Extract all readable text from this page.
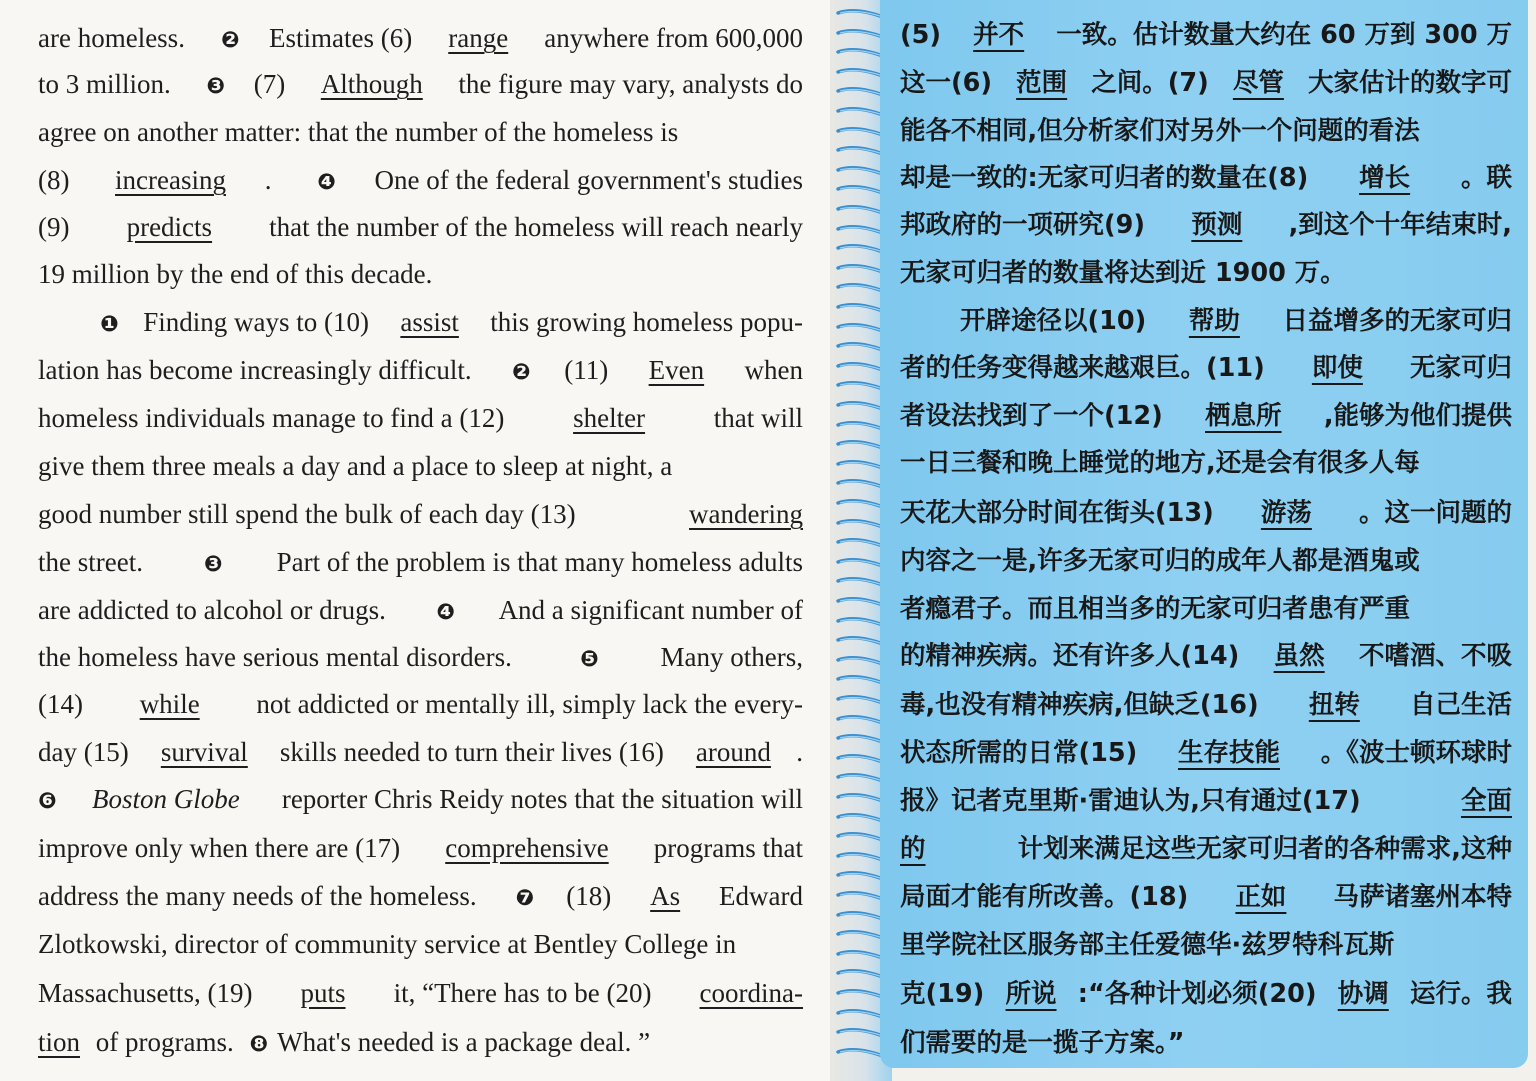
are homeless. ❷ Estimates (6) range anywhere from 600,000
to 3 million. ❸ (7) Although the figure may vary, analysts do
agree on another matter: that the number of the homeless is
(8) increasing . ❹ One of the federal government's studies
(9) predicts that the number of the homeless will reach nearly
19 million by the end of this decade.
❶ Finding ways to (10) assist this growing homeless popu-
lation has become increasingly difficult. ❷ (11) Even when
homeless individuals manage to find a (12) shelter that will
give them three meals a day and a place to sleep at night, a
good number still spend the bulk of each day (13)	wandering
the street. ❸ Part of the problem is that many homeless adults
are addicted to alcohol or drugs. ❹ And a significant number of
the homeless have serious mental disorders.	❺ Many others,
(14) while not addicted or mentally ill, simply lack the every-
day (15) survival skills needed to turn their lives (16) around .
❻ Boston Globe reporter Chris Reidy notes that the situation will
improve only when there are (17) comprehensive programs that
address the many needs of the homeless. ❼ (18) As Edward
Zlotkowski, director of community service at Bentley College in
Massachusetts, (19) puts it, “There has to be (20) coordina-
tion of programs. ❽ What's needed is a package deal. ”
(5) 并不 一致。估计数量大约在 60 万到 300 万
这一(6) 范围 之间。(7) 尽管 大家估计的数字可
能各不相同,但分析家们对另外一个问题的看法
却是一致的:无家可归者的数量在(8) 增长 。联
邦政府的一项研究(9) 预测 ,到这个十年结束时,
无家可归者的数量将达到近 1900 万。
开辟途径以(10) 帮助 日益增多的无家可归
者的任务变得越来越艰巨。(11) 即使 无家可归
者设法找到了一个(12) 栖息所 ,能够为他们提供
一日三餐和晚上睡觉的地方,还是会有很多人每
天花大部分时间在街头(13) 游荡 。这一问题的
内容之一是,许多无家可归的成年人都是酒鬼或
者瘾君子。而且相当多的无家可归者患有严重
的精神疾病。还有许多人(14) 虽然 不嗜酒、不吸
毒,也没有精神疾病,但缺乏(16) 扭转 自己生活
状态所需的日常(15) 生存技能 。《波士顿环球时
报》记者克里斯·雷迪认为,只有通过(17)	全面
的	计划来满足这些无家可归者的各种需求,这种
局面才能有所改善。(18) 正如 马萨诸塞州本特
里学院社区服务部主任爱德华·兹罗特科瓦斯
克(19) 所说 :“各种计划必须(20) 协调 运行。我
们需要的是一揽子方案。”
